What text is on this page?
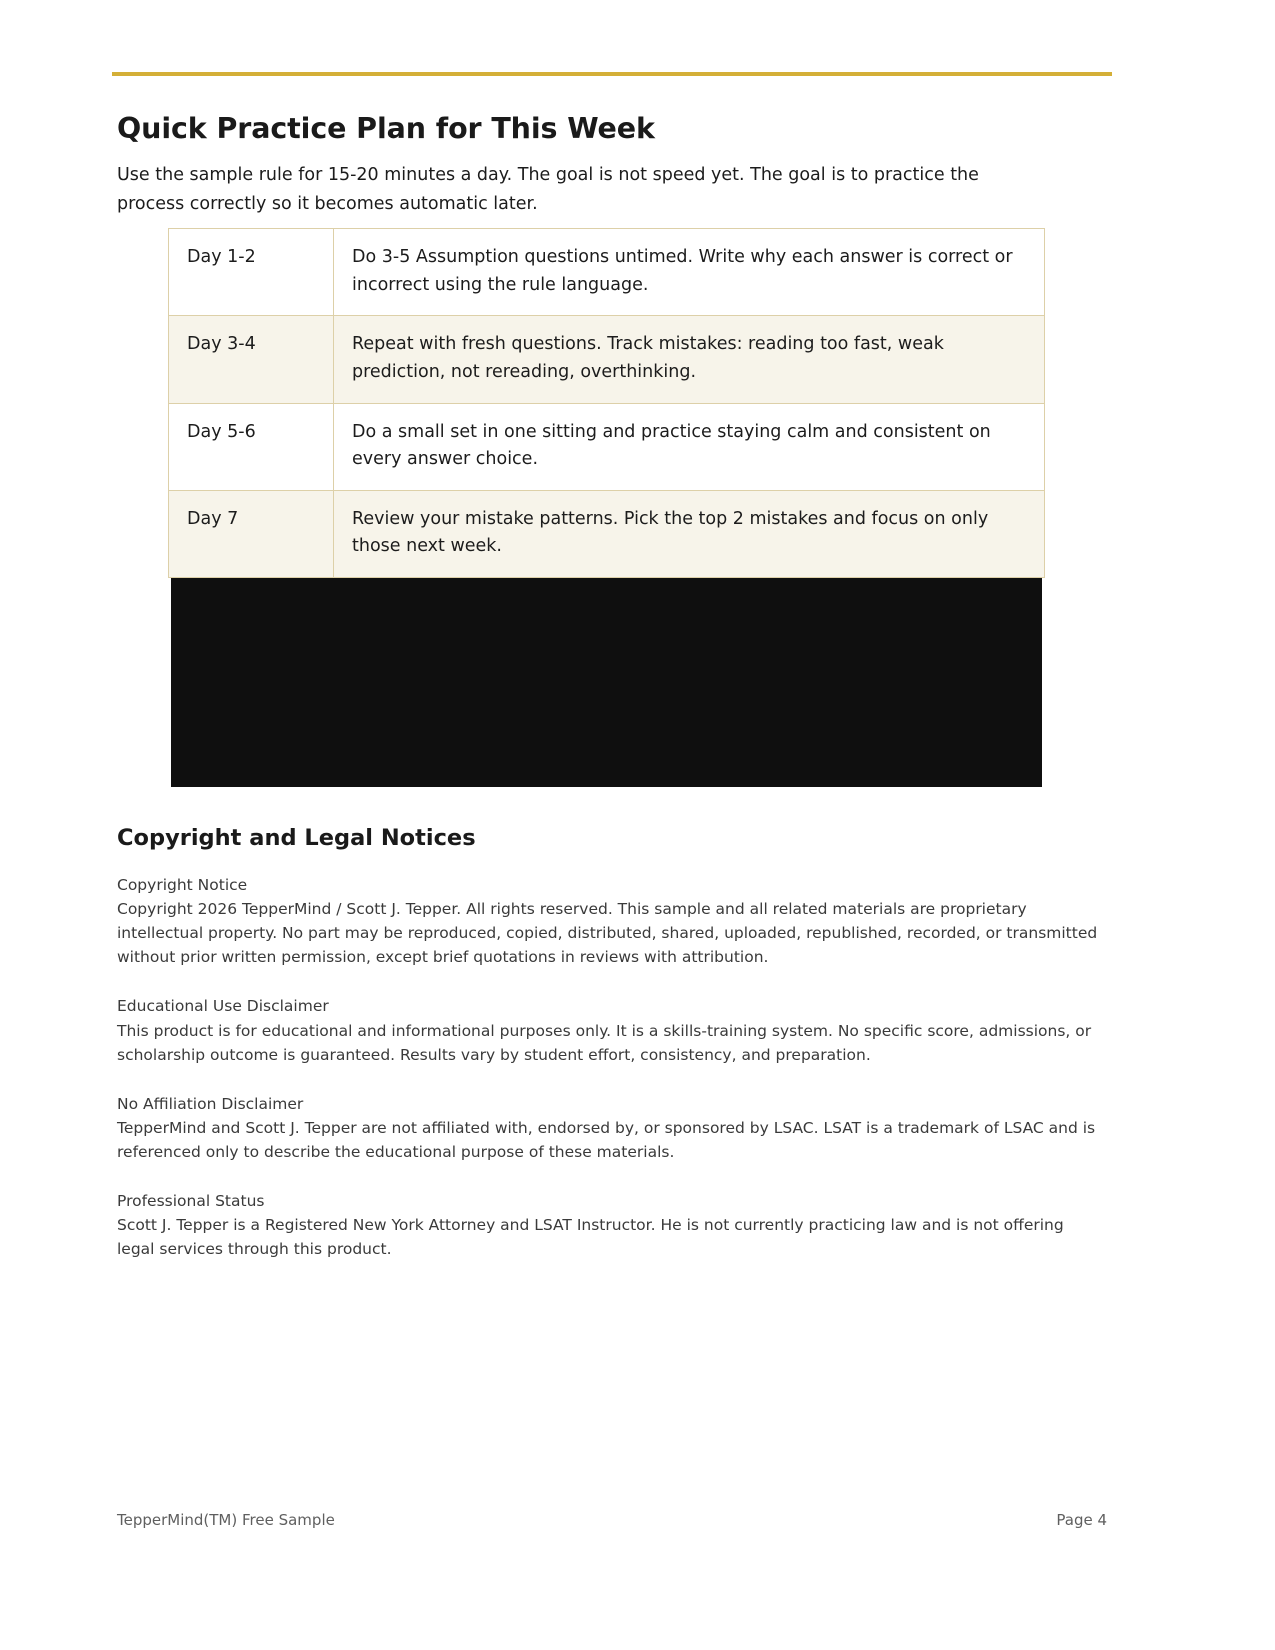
Quick Practice Plan for This Week

Use the sample rule for 15-20 minutes a day. The goal is not speed yet. The goal is to practice the process correctly so it becomes automatic later.

Day 1-2	Do 3-5 Assumption questions untimed. Write why each answer is correct or incorrect using the rule language.
Day 3-4	Repeat with fresh questions. Track mistakes: reading too fast, weak prediction, not rereading, overthinking.
Day 5-6	Do a small set in one sitting and practice staying calm and consistent on every answer choice.
Day 7	Review your mistake patterns. Pick the top 2 mistakes and focus on only those next week.
Copyright and Legal Notices

Copyright Notice

Copyright 2026 TepperMind / Scott J. Tepper. All rights reserved. This sample and all related materials are proprietary intellectual property. No part may be reproduced, copied, distributed, shared, uploaded, republished, recorded, or transmitted without prior written permission, except brief quotations in reviews with attribution.

Educational Use Disclaimer

This product is for educational and informational purposes only. It is a skills-training system. No specific score, admissions, or scholarship outcome is guaranteed. Results vary by student effort, consistency, and preparation.

No Affiliation Disclaimer

TepperMind and Scott J. Tepper are not affiliated with, endorsed by, or sponsored by LSAC. LSAT is a trademark of LSAC and is referenced only to describe the educational purpose of these materials.

Professional Status

Scott J. Tepper is a Registered New York Attorney and LSAT Instructor. He is not currently practicing law and is not offering legal services through this product.

TepperMind(TM) Free Sample	Page 4
